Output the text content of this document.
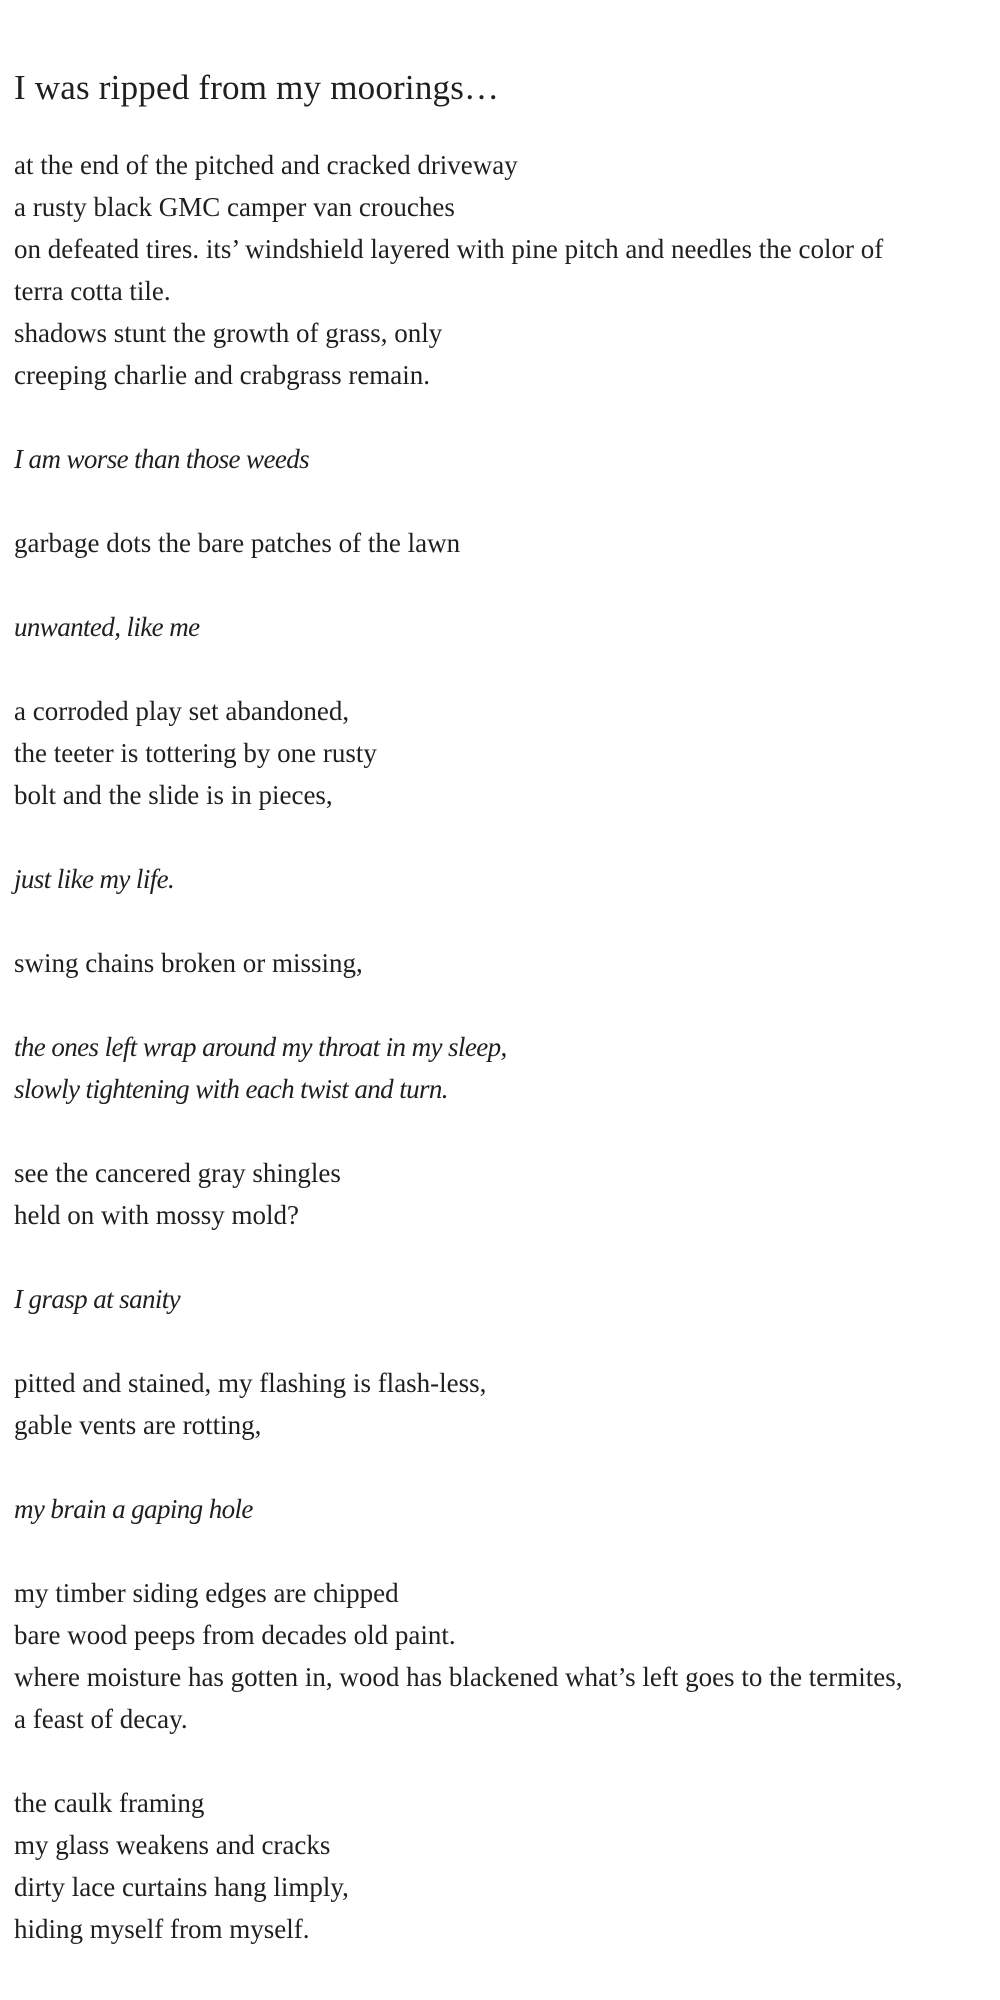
I was ripped from my moorings…
at the end of the pitched and cracked driveway
a rusty black GMC camper van crouches
on defeated tires. its’ windshield layered with pine pitch and needles the color of
terra cotta tile.
shadows stunt the growth of grass, only
creeping charlie and crabgrass remain.
I am worse than those weeds
garbage dots the bare patches of the lawn
unwanted, like me
a corroded play set abandoned,
the teeter is tottering by one rusty
bolt and the slide is in pieces,
just like my life.
swing chains broken or missing,
the ones left wrap around my throat in my sleep,
slowly tightening with each twist and turn.
see the cancered gray shingles
held on with mossy mold?
I grasp at sanity
pitted and stained, my flashing is flash-less,
gable vents are rotting,
my brain a gaping hole
my timber siding edges are chipped
bare wood peeps from decades old paint.
where moisture has gotten in, wood has blackened what’s left goes to the termites,
a feast of decay.
the caulk framing
my glass weakens and cracks
dirty lace curtains hang limply,
hiding myself from myself.
